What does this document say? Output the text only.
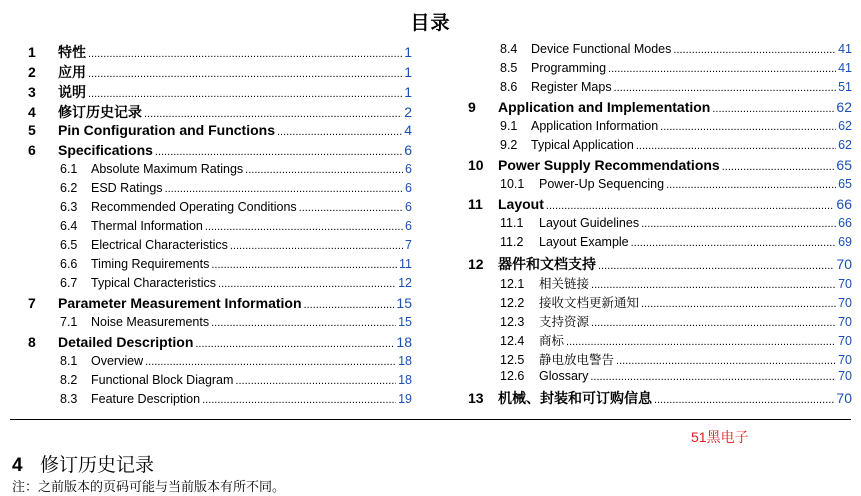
目录
1	特性 .....	1
2	应用 .....	1
3	说明 .....	1
4	修订历史记录 .....	2
5	Pin Configuration and Functions .....	4
6	Specifications .....	6
6.1	Absolute Maximum Ratings .....	6
6.2	ESD Ratings .....	6
6.3	Recommended Operating Conditions .....	6
6.4	Thermal Information .....	6
6.5	Electrical Characteristics .....	7
6.6	Timing Requirements .....	11
6.7	Typical Characteristics .....	12
7	Parameter Measurement Information .....	15
7.1	Noise Measurements .....	15
8	Detailed Description .....	18
8.1	Overview .....	18
8.2	Functional Block Diagram .....	18
8.3	Feature Description .....	19
8.4	Device Functional Modes .....	41
8.5	Programming .....	41
8.6	Register Maps .....	51
9	Application and Implementation .....	62
9.1	Application Information .....	62
9.2	Typical Application .....	62
10	Power Supply Recommendations .....	65
10.1	Power-Up Sequencing .....	65
11	Layout .....	66
11.1	Layout Guidelines .....	66
11.2	Layout Example .....	69
12	器件和文档支持 .....	70
12.1	相关链接 .....	70
12.2	接收文档更新通知 .....	70
12.3	支持资源 .....	70
12.4	商标 .....	70
12.5	静电放电警告 .....	70
12.6	Glossary .....	70
13	机械、封装和可订购信息 .....	70
51黑电子
4 修订历史记录
注：之前版本的页码可能与当前版本有所不同。
